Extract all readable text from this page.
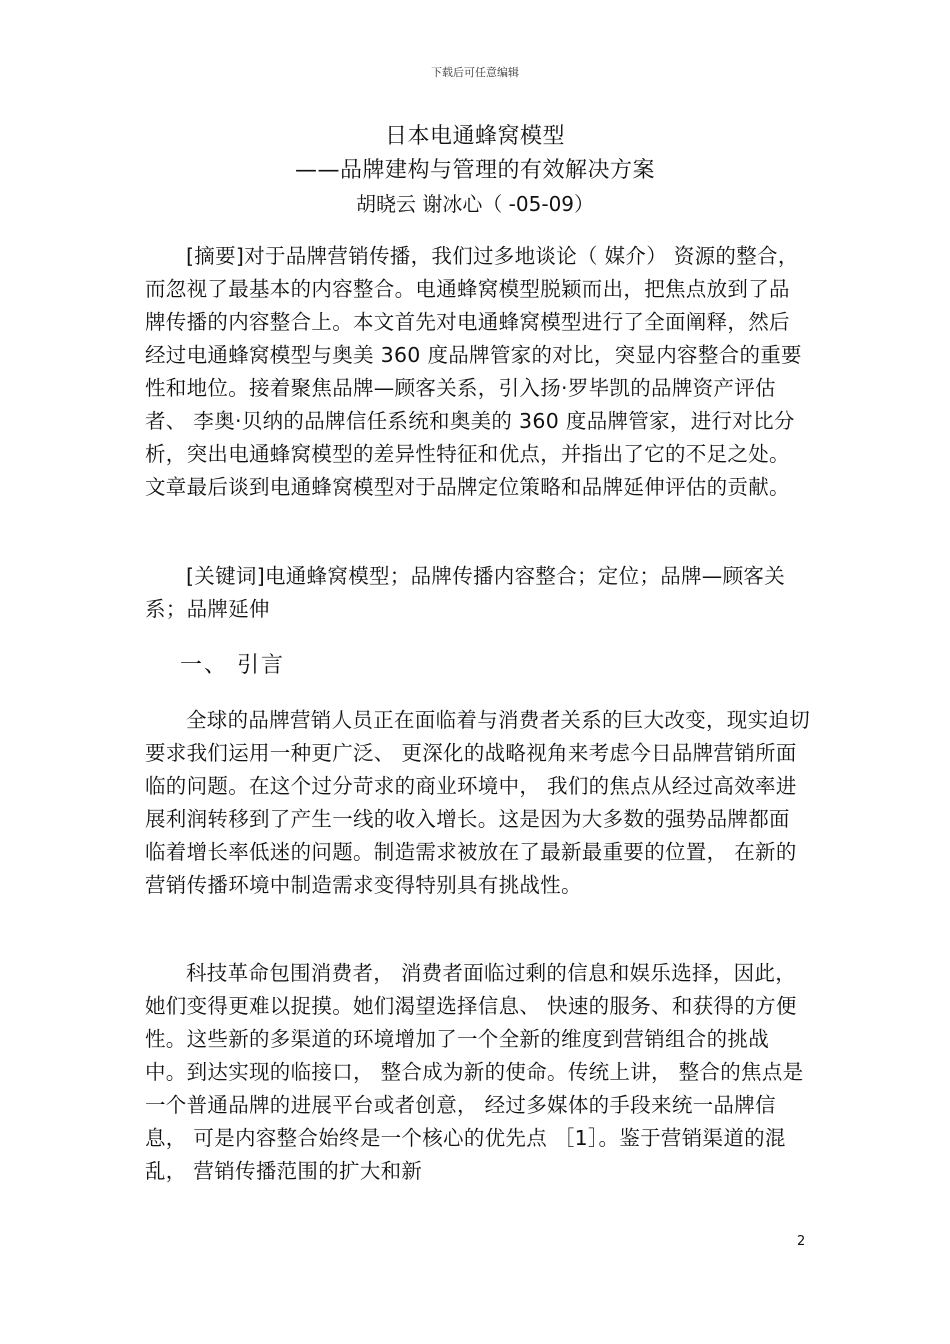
下载后可任意编辑
日本电通蜂窝模型
——品牌建构与管理的有效解决方案
胡晓云 谢冰心（ -05-09）

[摘要]对于品牌营销传播，我们过多地谈论（ 媒介） 资源的整合，而忽视了最基本的内容整合。电通蜂窝模型脱颖而出，把焦点放到了品牌传播的内容整合上。本文首先对电通蜂窝模型进行了全面阐释，然后经过电通蜂窝模型与奥美 360 度品牌管家的对比，突显内容整合的重要性和地位。接着聚焦品牌—顾客关系，引入扬·罗毕凯的品牌资产评估者、 李奥·贝纳的品牌信任系统和奥美的 360 度品牌管家，进行对比分析，突出电通蜂窝模型的差异性特征和优点，并指出了它的不足之处。文章最后谈到电通蜂窝模型对于品牌定位策略和品牌延伸评估的贡献。

[关键词]电通蜂窝模型；品牌传播内容整合；定位；品牌—顾客关系；品牌延伸

一、 引言

全球的品牌营销人员正在面临着与消费者关系的巨大改变，现实迫切要求我们运用一种更广泛、 更深化的战略视角来考虑今日品牌营销所面临的问题。在这个过分苛求的商业环境中， 我们的焦点从经过高效率进展利润转移到了产生一线的收入增长。这是因为大多数的强势品牌都面临着增长率低迷的问题。制造需求被放在了最新最重要的位置， 在新的营销传播环境中制造需求变得特别具有挑战性。

科技革命包围消费者， 消费者面临过剩的信息和娱乐选择，因此， 她们变得更难以捉摸。她们渴望选择信息、 快速的服务、和获得的方便性。这些新的多渠道的环境增加了一个全新的维度到营销组合的挑战中。到达实现的临接口， 整合成为新的使命。传统上讲， 整合的焦点是一个普通品牌的进展平台或者创意， 经过多媒体的手段来统一品牌信息， 可是内容整合始终是一个核心的优先点 ［1］。鉴于营销渠道的混乱， 营销传播范围的扩大和新

2
